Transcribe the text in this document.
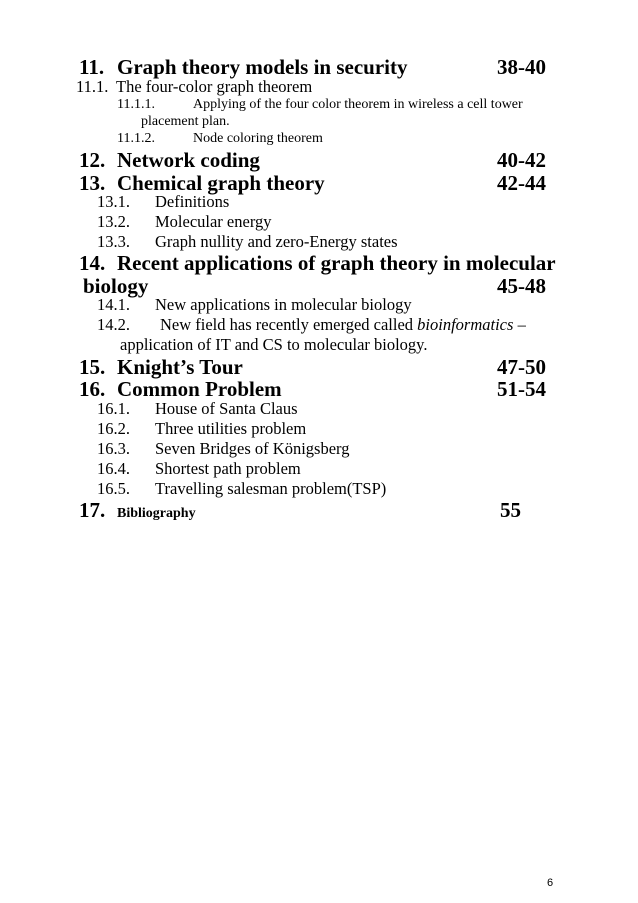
11. Graph theory models in security	38-40
11.1. The four-color graph theorem
11.1.1.	Applying of the four color theorem in wireless a cell tower
placement plan.
11.1.2.	Node coloring theorem
12. Network coding	40-42
13. Chemical graph theory	42-44
13.1. Definitions
13.2. Molecular energy
13.3. Graph nullity and zero-Energy states
14. Recent applications of graph theory in molecular
biology	45-48
14.1. New applications in molecular biology
14.2. New field has recently emerged called bioinformatics –
application of IT and CS to molecular biology.
15. Knight’s Tour	47-50
16. Common Problem	51-54
16.1. House of Santa Claus
16.2. Three utilities problem
16.3. Seven Bridges of Königsberg
16.4. Shortest path problem
16.5. Travelling salesman problem(TSP)
17. Bibliography	55
6
